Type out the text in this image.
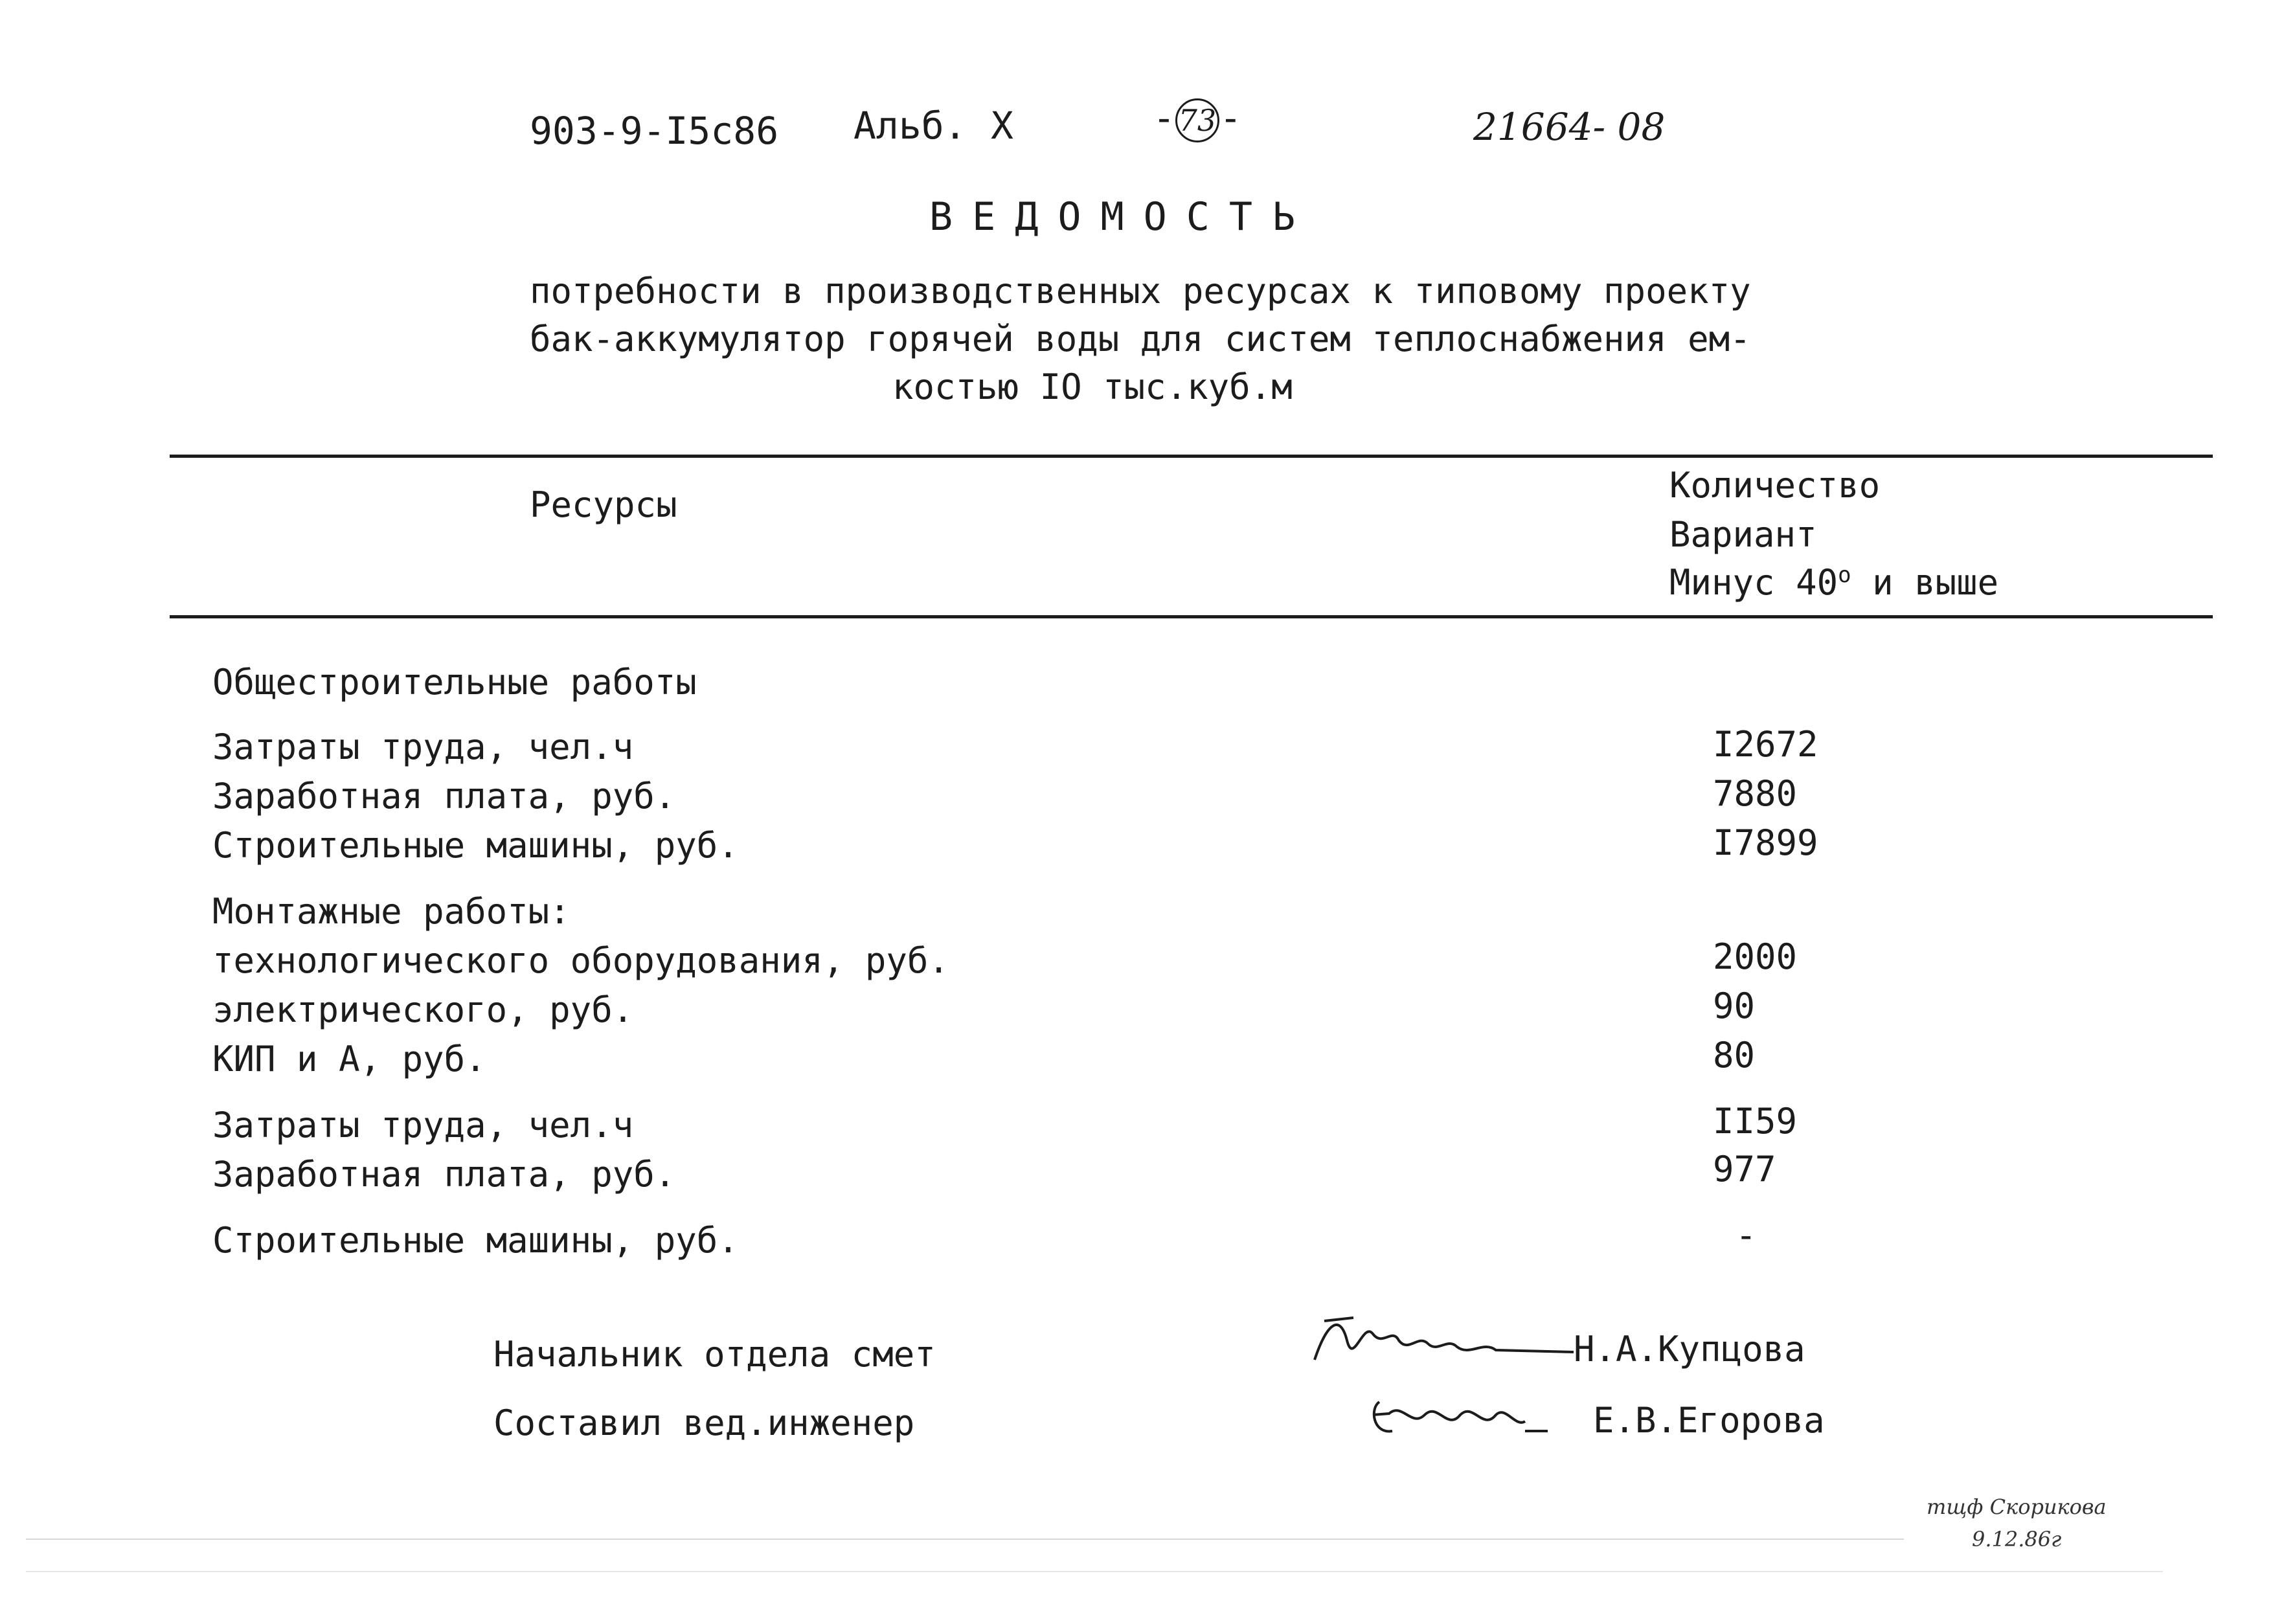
903-9-I5с86 Альб. X	- 73-	21664- 08
ВЕДОМОСТЬ
потребности в производственных ресурсах к типовому проекту
бак-аккумулятор горячей воды для систем теплоснабжения ем-
костью IO тыс.куб.м
Ресурсы	Количество
Вариант
Минус $40^о$ и выше
Общестроительные работы
Затраты труда, чел.ч	I2672
Заработная плата, руб.	7880
Строительные машины, руб.	I7899
Монтажные работы:
технологического оборудования, руб.	2000
электрического, руб.	90
КИП и А, руб.	80
Затраты труда, чел.ч	II59
Заработная плата, руб.	977
Строительные машины, руб.	-
Начальник отдела смет	Н.А.Купцова
Составил вед.инженер	Е.В.Егорова
тщф Скорикова
9.12.86г
